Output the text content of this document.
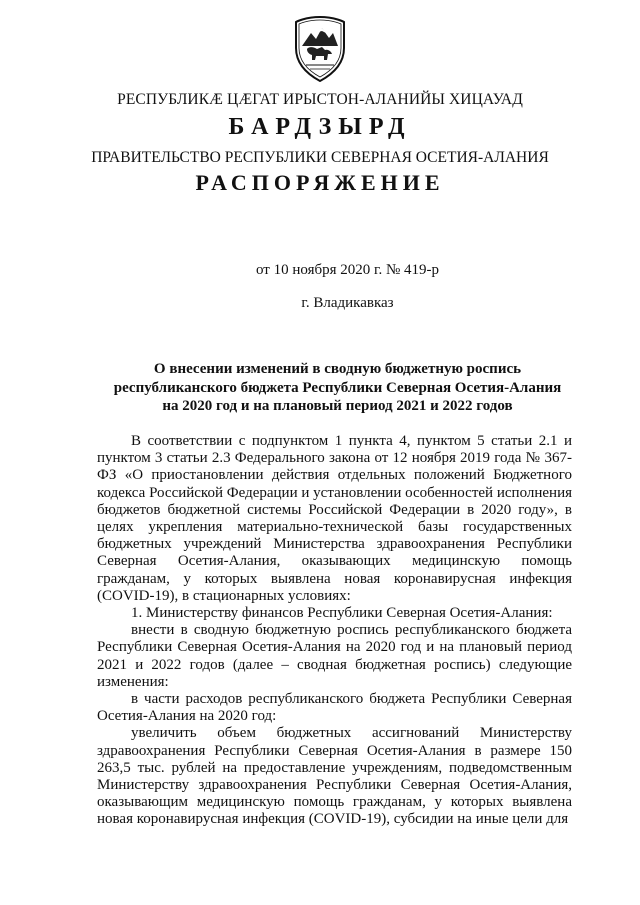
РЕСПУБЛИКӔ ЦӔГАТ ИРЫСТОН-АЛАНИЙЫ ХИЦАУАД
БАРДЗЫРД
ПРАВИТЕЛЬСТВО РЕСПУБЛИКИ СЕВЕРНАЯ ОСЕТИЯ-АЛАНИЯ
РАСПОРЯЖЕНИЕ
от 10 ноября 2020 г. № 419-р
г. Владикавказ
О внесении изменений в сводную бюджетную роспись
республиканского бюджета Республики Северная Осетия-Алания
на 2020 год и на плановый период 2021 и 2022 годов

В соответствии с подпунктом 1 пункта 4, пунктом 5 статьи 2.1 и пунктом 3 статьи 2.3 Федерального закона от 12 ноября 2019 года № 367-ФЗ «О приостановлении действия отдельных положений Бюджетного кодекса Российской Федерации и установлении особенностей исполнения бюджетов бюджетной системы Российской Федерации в 2020 году», в целях укрепления материально-технической базы государственных бюджетных учреждений Министерства здравоохранения Республики Северная Осетия-Алания, оказывающих медицинскую помощь гражданам, у которых выявлена новая коронавирусная инфекция (COVID-19), в стационарных условиях:

1. Министерству финансов Республики Северная Осетия-Алания:

внести в сводную бюджетную роспись республиканского бюджета Республики Северная Осетия-Алания на 2020 год и на плановый период 2021 и 2022 годов (далее – сводная бюджетная роспись) следующие изменения:

в части расходов республиканского бюджета Республики Северная Осетия-Алания на 2020 год:

увеличить объем бюджетных ассигнований Министерству здравоохранения Республики Северная Осетия-Алания в размере 150 263,5 тыс. рублей на предоставление учреждениям, подведомственным Министерству здравоохранения Республики Северная Осетия-Алания, оказывающим медицинскую помощь гражданам, у которых выявлена новая коронавирусная инфекция (COVID-19), субсидии на иные цели для
